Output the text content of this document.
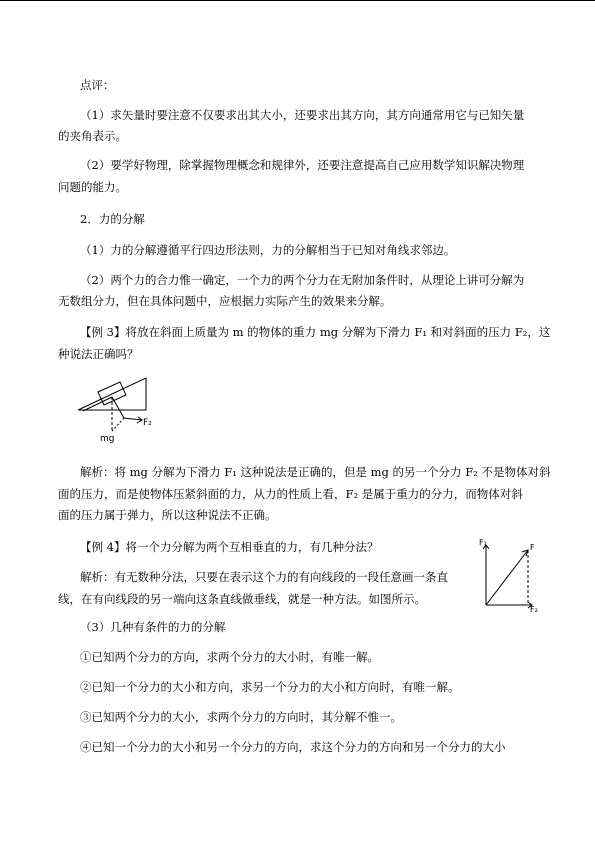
点评：
（1）求矢量时要注意不仅要求出其大小，还要求出其方向，其方向通常用它与已知矢量
的夹角表示。
（2）要学好物理，除掌握物理概念和规律外，还要注意提高自己应用数学知识解决物理
问题的能力。
2．力的分解
（1）力的分解遵循平行四边形法则，力的分解相当于已知对角线求邻边。
（2）两个力的合力惟一确定，一个力的两个分力在无附加条件时，从理论上讲可分解为
无数组分力，但在具体问题中，应根据力实际产生的效果来分解。
【例 3】将放在斜面上质量为 m 的物体的重力 mg 分解为下滑力 F₁ 和对斜面的压力 F₂，这
种说法正确吗？
mg
F₂
解析：将 mg 分解为下滑力 F₁ 这种说法是正确的，但是 mg 的另一个分力 F₂ 不是物体对斜
面的压力，而是使物体压紧斜面的力，从力的性质上看，F₂ 是属于重力的分力，而物体对斜
面的压力属于弹力，所以这种说法不正确。
【例 4】将一个力分解为两个互相垂直的力，有几种分法？
解析：有无数种分法，只要在表示这个力的有向线段的一段任意画一条直
线，在有向线段的另一端向这条直线做垂线，就是一种方法。如图所示。
F₁
F₂
F
（3）几种有条件的力的分解
①已知两个分力的方向，求两个分力的大小时，有唯一解。
②已知一个分力的大小和方向，求另一个分力的大小和方向时，有唯一解。
③已知两个分力的大小，求两个分力的方向时，其分解不惟一。
④已知一个分力的大小和另一个分力的方向，求这个分力的方向和另一个分力的大小
